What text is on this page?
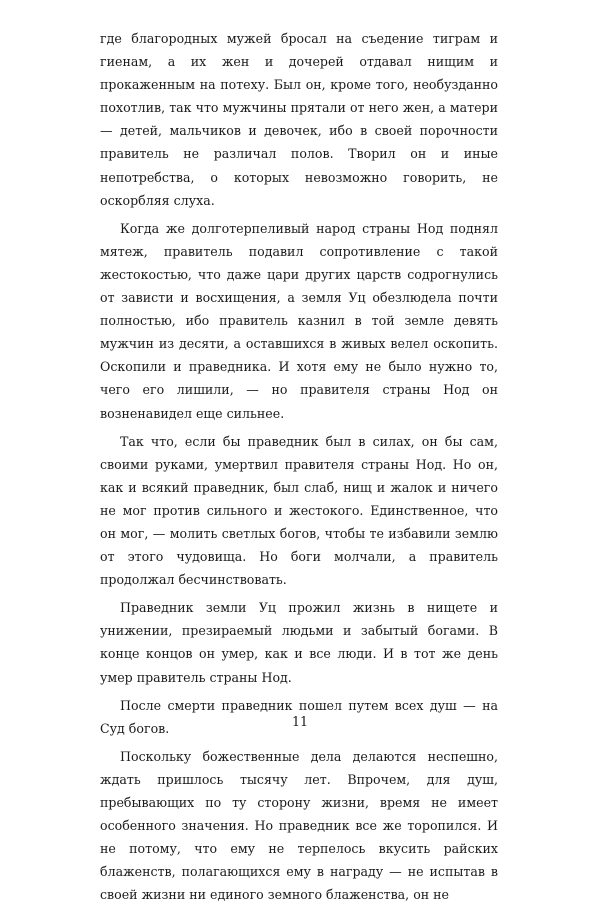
где благородных мужей бросал на съедение тиграм и гиенам, а их жен и дочерей отдавал нищим и прокаженным на потеху. Был он, кроме того, необузданно похотлив, так что мужчины прятали от него жен, а матери — детей, мальчиков и девочек, ибо в своей порочности правитель не различал полов. Творил он и иные непотребства, о которых невозможно говорить, не оскорбляя слуха.

Когда же долготерпеливый народ страны Нод поднял мятеж, правитель подавил сопротивление с такой жестокостью, что даже цари других царств содрогнулись от зависти и восхищения, а земля Уц обезлюдела почти полностью, ибо правитель казнил в той земле девять мужчин из десяти, а оставшихся в живых велел оскопить. Оскопили и праведника. И хотя ему не было нужно то, чего его лишили, — но правителя страны Нод он возненавидел еще сильнее.

Так что, если бы праведник был в силах, он бы сам, своими руками, умертвил правителя страны Нод. Но он, как и всякий праведник, был слаб, нищ и жалок и ничего не мог против сильного и жестокого. Единственное, что он мог, — молить светлых богов, чтобы те избавили землю от этого чудовища. Но боги молчали, а правитель продолжал бесчинствовать.

Праведник земли Уц прожил жизнь в нищете и унижении, презираемый людьми и забытый богами. В конце концов он умер, как и все люди. И в тот же день умер правитель страны Нод.

После смерти праведник пошел путем всех душ — на Суд богов.

Поскольку божественные дела делаются неспешно, ждать пришлось тысячу лет. Впрочем, для душ, пребывающих по ту сторону жизни, время не имеет особенного значения. Но праведник все же торопился. И не потому, что ему не терпелось вкусить райских блаженств, полагающихся ему в награду — не испытав в своей жизни ни единого земного блаженства, он не

11
